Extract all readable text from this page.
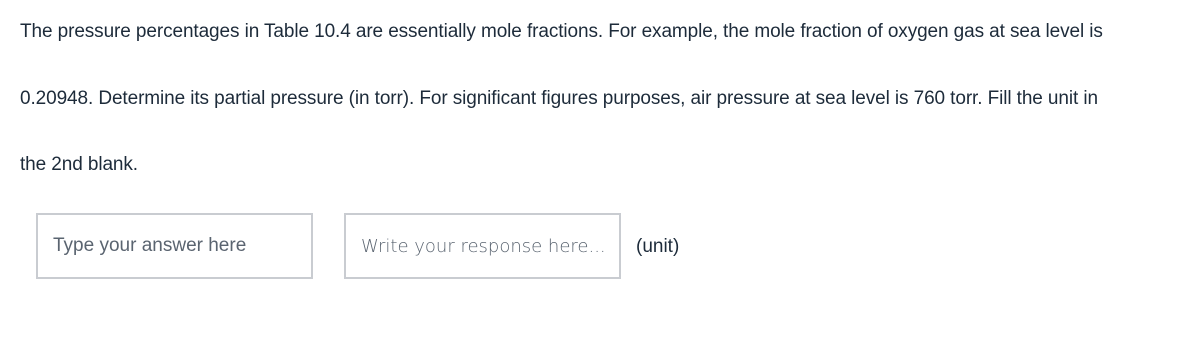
The pressure percentages in Table 10.4 are essentially mole fractions. For example, the mole fraction of oxygen gas at sea level is
0.20948. Determine its partial pressure (in torr). For significant figures purposes, air pressure at sea level is 760 torr. Fill the unit in
the 2nd blank.
Type your answer here
Write your response here...
(unit)
